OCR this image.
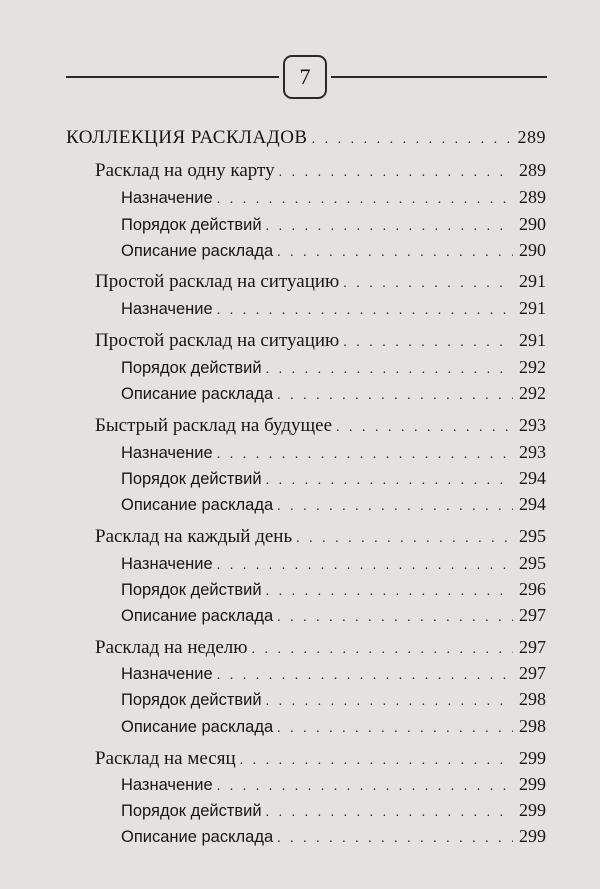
7
КОЛЛЕКЦИЯ РАСКЛАДОВ . . .	289
Расклад на одну карту . . .	289
Назначение . . .	289
Порядок действий . . .	290
Описание расклада . . .	290
Простой расклад на ситуацию . . .	291
Назначение . . .	291
Простой расклад на ситуацию . . .	291
Порядок действий . . .	292
Описание расклада . . .	292
Быстрый расклад на будущее . . .	293
Назначение . . .	293
Порядок действий . . .	294
Описание расклада . . .	294
Расклад на каждый день . . .	295
Назначение . . .	295
Порядок действий . . .	296
Описание расклада . . .	297
Расклад на неделю . . .	297
Назначение . . .	297
Порядок действий . . .	298
Описание расклада . . .	298
Расклад на месяц . . .	299
Назначение . . .	299
Порядок действий . . .	299
Описание расклада . . .	299
